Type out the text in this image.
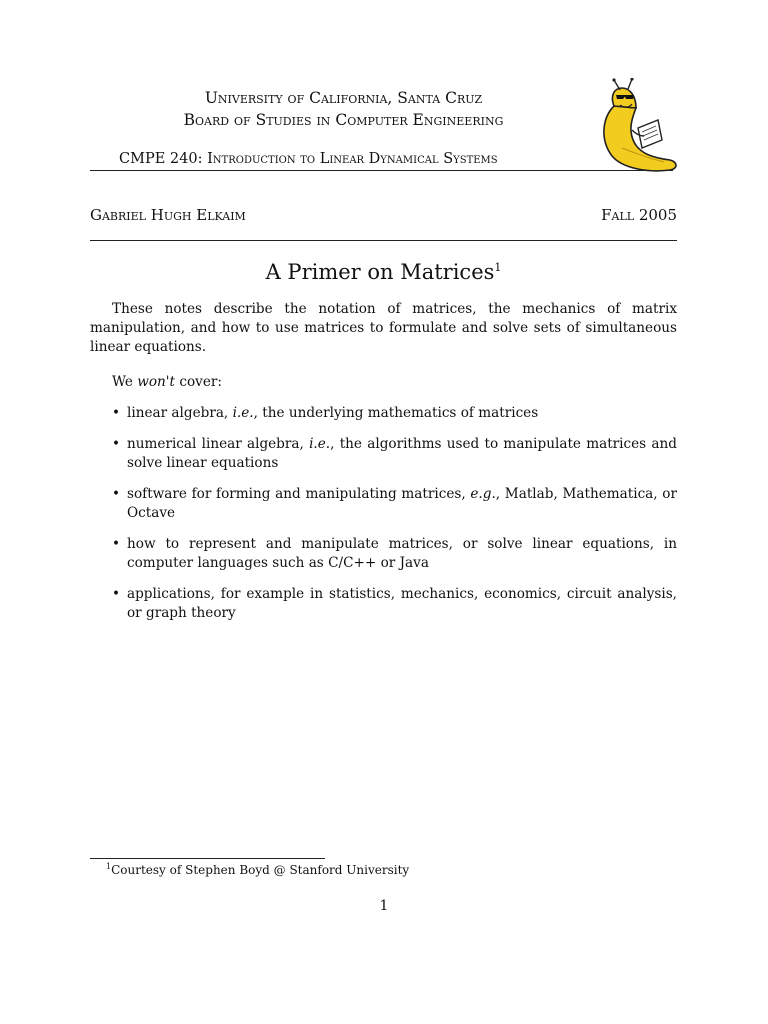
University of California, Santa Cruz
Board of Studies in Computer Engineering
CMPE 240: Introduction to Linear Dynamical Systems
Gabriel Hugh Elkaim	Fall 2005
A Primer on Matrices$^1$

These notes describe the notation of matrices, the mechanics of matrix manipulation, and how to use matrices to formulate and solve sets of simultaneous linear equations.

We won't cover:

• linear algebra, i.e., the underlying mathematics of matrices
• numerical linear algebra, i.e., the algorithms used to manipulate matrices and solve linear equations
• software for forming and manipulating matrices, e.g., Matlab, Mathematica, or Octave
• how to represent and manipulate matrices, or solve linear equations, in computer languages such as C/C++ or Java
• applications, for example in statistics, mechanics, economics, circuit analysis, or graph theory
$^1$Courtesy of Stephen Boyd @ Stanford University
1
